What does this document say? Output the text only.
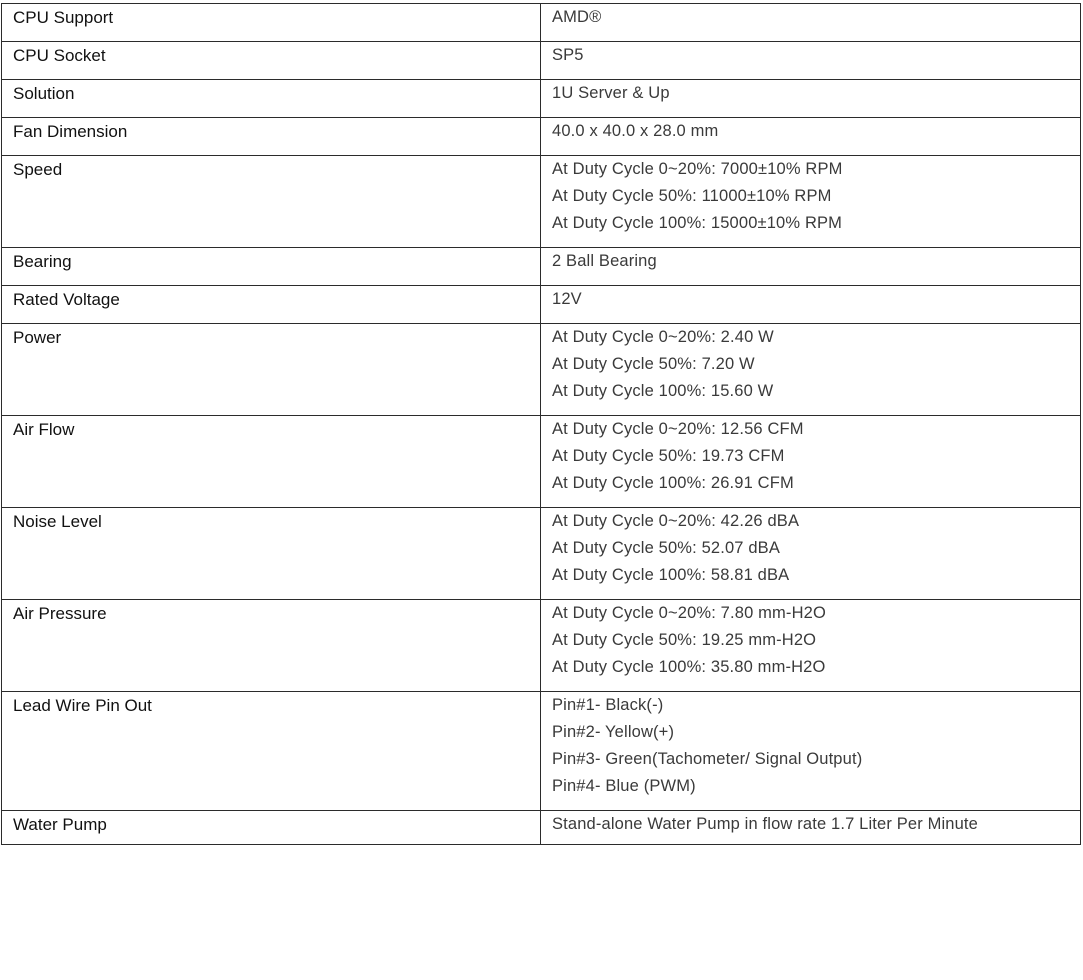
CPU Support	AMD®

CPU Socket	SP5

Solution	1U Server & Up

Fan Dimension	40.0 x 40.0 x 28.0 mm

Speed	At Duty Cycle 0~20%: 7000±10% RPM
At Duty Cycle 50%: 11000±10% RPM
At Duty Cycle 100%: 15000±10% RPM

Bearing	2 Ball Bearing

Rated Voltage	12V

Power	At Duty Cycle 0~20%: 2.40 W
At Duty Cycle 50%: 7.20 W
At Duty Cycle 100%: 15.60 W

Air Flow	At Duty Cycle 0~20%: 12.56 CFM
At Duty Cycle 50%: 19.73 CFM
At Duty Cycle 100%: 26.91 CFM

Noise Level	At Duty Cycle 0~20%: 42.26 dBA
At Duty Cycle 50%: 52.07 dBA
At Duty Cycle 100%: 58.81 dBA

Air Pressure	At Duty Cycle 0~20%: 7.80 mm-H2O
At Duty Cycle 50%: 19.25 mm-H2O
At Duty Cycle 100%: 35.80 mm-H2O

Lead Wire Pin Out	Pin#1- Black(-)
Pin#2- Yellow(+)
Pin#3- Green(Tachometer/ Signal Output)
Pin#4- Blue (PWM)

Water Pump	Stand-alone Water Pump in flow rate 1.7 Liter Per Minute
